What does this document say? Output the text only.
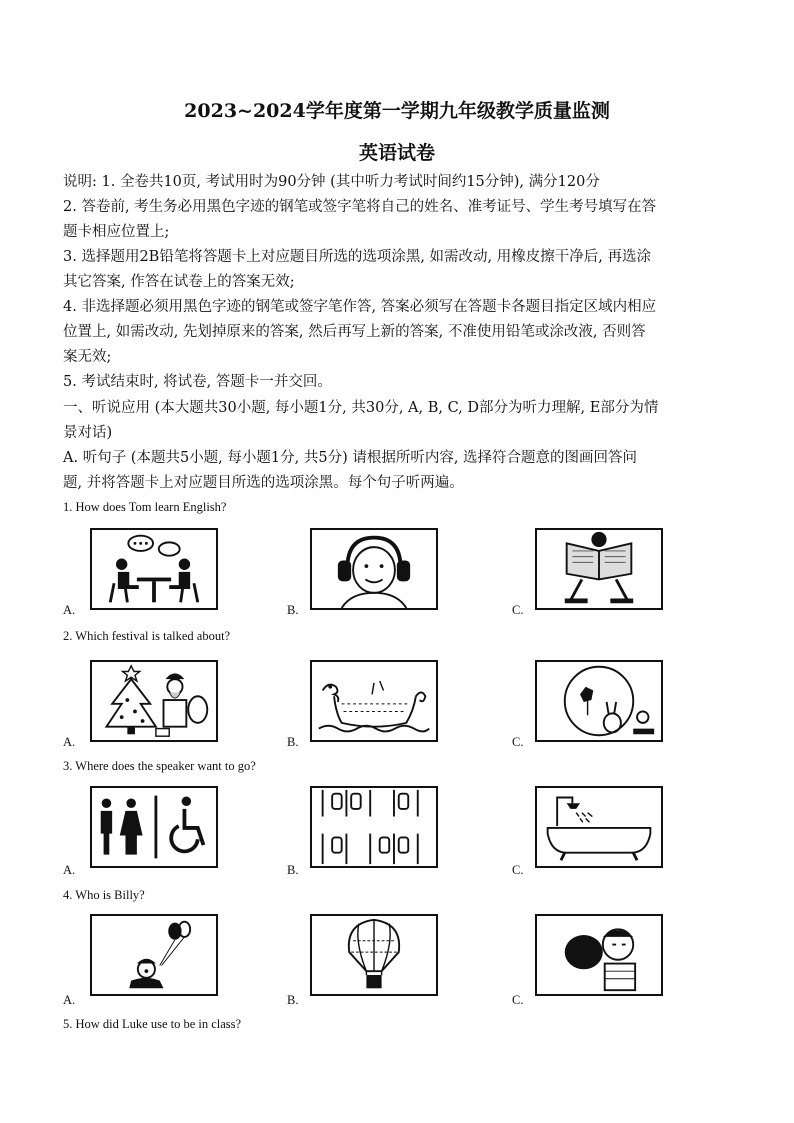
2023~2024学年度第一学期九年级教学质量监测
英语试卷
说明: 1. 全卷共10页, 考试用时为90分钟 (其中听力考试时间约15分钟), 满分120分
2. 答卷前, 考生务必用黑色字迹的钢笔或签字笔将自己的姓名、准考证号、学生考号填写在答
题卡相应位置上;
3. 选择题用2B铅笔将答题卡上对应题目所选的选项涂黑, 如需改动, 用橡皮擦干净后, 再选涂
其它答案, 作答在试卷上的答案无效;
4. 非选择题必须用黑色字迹的钢笔或签字笔作答, 答案必须写在答题卡各题目指定区域内相应
位置上, 如需改动, 先划掉原来的答案, 然后再写上新的答案, 不准使用铅笔或涂改液, 否则答
案无效;
5. 考试结束时, 将试卷, 答题卡一并交回。
一、听说应用 (本大题共30小题, 每小题1分, 共30分, A, B, C, D部分为听力理解, E部分为情
景对话)
A. 听句子 (本题共5小题, 每小题1分, 共5分) 请根据所听内容, 选择符合题意的图画回答问
题, 并将答题卡上对应题目所选的选项涂黑。每个句子听两遍。
1. How does Tom learn English?
A.	B.	C.
2. Which festival is talked about?
A.	B.	C.
3. Where does the speaker want to go?
A.	B.	C.
4. Who is Billy?
A.	B.	C.
5. How did Luke use to be in class?
